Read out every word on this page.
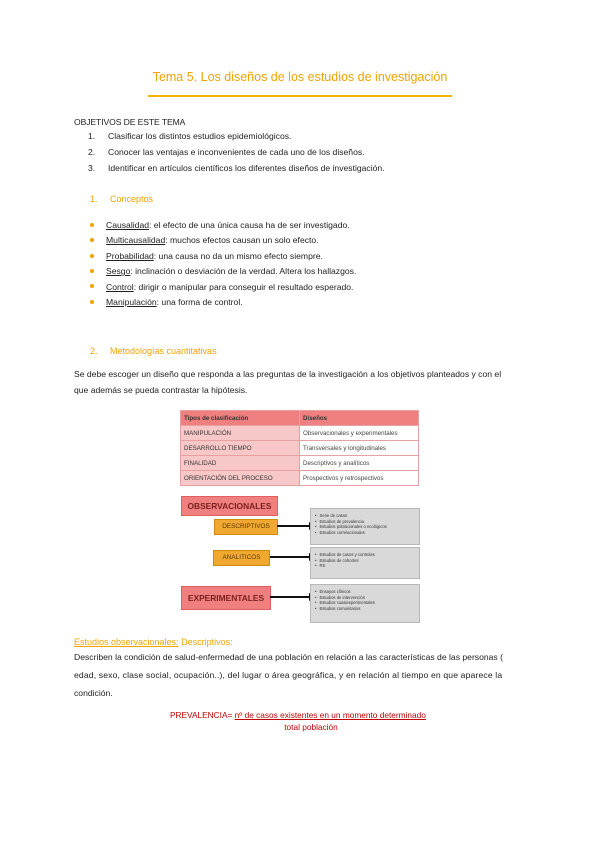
Tema 5. Los diseños de los estudios de investigación
OBJETIVOS DE ESTE TEMA
1. Clasificar los distintos estudios epidemiológicos.
2. Conocer las ventajas e inconvenientes de cada uno de los diseños.
3. Identificar en artículos científicos los diferentes diseños de investigación.
1. Conceptos
Causalidad: el efecto de una única causa ha de ser investigado.
Multicausalidad: muchos efectos causan un solo efecto.
Probabilidad: una causa no da un mismo efecto siempre.
Sesgo: inclinación o desviación de la verdad. Altera los hallazgos.
Control: dirigir o manipular para conseguir el resultado esperado.
Manipulación: una forma de control.
2. Metodologías cuantitativas
Se debe escoger un diseño que responda a las preguntas de la investigación a los objetivos planteados y con el
que además se pueda contrastar la hipótesis.
Tipos de clasificación	Diseños
MANIPULACIÓN	Observacionales y experimentales
DESARROLLO TIEMPO	Transversales y longitudinales
FINALIDAD	Descriptivos y analíticos
ORIENTACIÓN DEL PROCESO	Prospectivos y retrospectivos
OBSERVACIONALES
DESCRIPTIVOS
• Serie de casos
• Estudios de prevalencia
• Estudios poblacionales o ecológicos
• Estudios correlacionales
ANALITICOS	• Estudios de casos y controles
• Estudios de cohortes
• RS
EXPERIMENTALES
• Ensayos clínicos
• Estudios de intervención
• Estudios cuasiexperimentales
• Estudios comunitarios
Estudios observacionales: Descriptivos:
Describen la condición de salud-enfermedad de una población en relación a las características de las personas (
edad, sexo, clase social, ocupación..), del lugar o área geográfica, y en relación al tiempo en que aparece la
condición.
PREVALENCIA= nº de casos existentes en un momento determinado
total población
